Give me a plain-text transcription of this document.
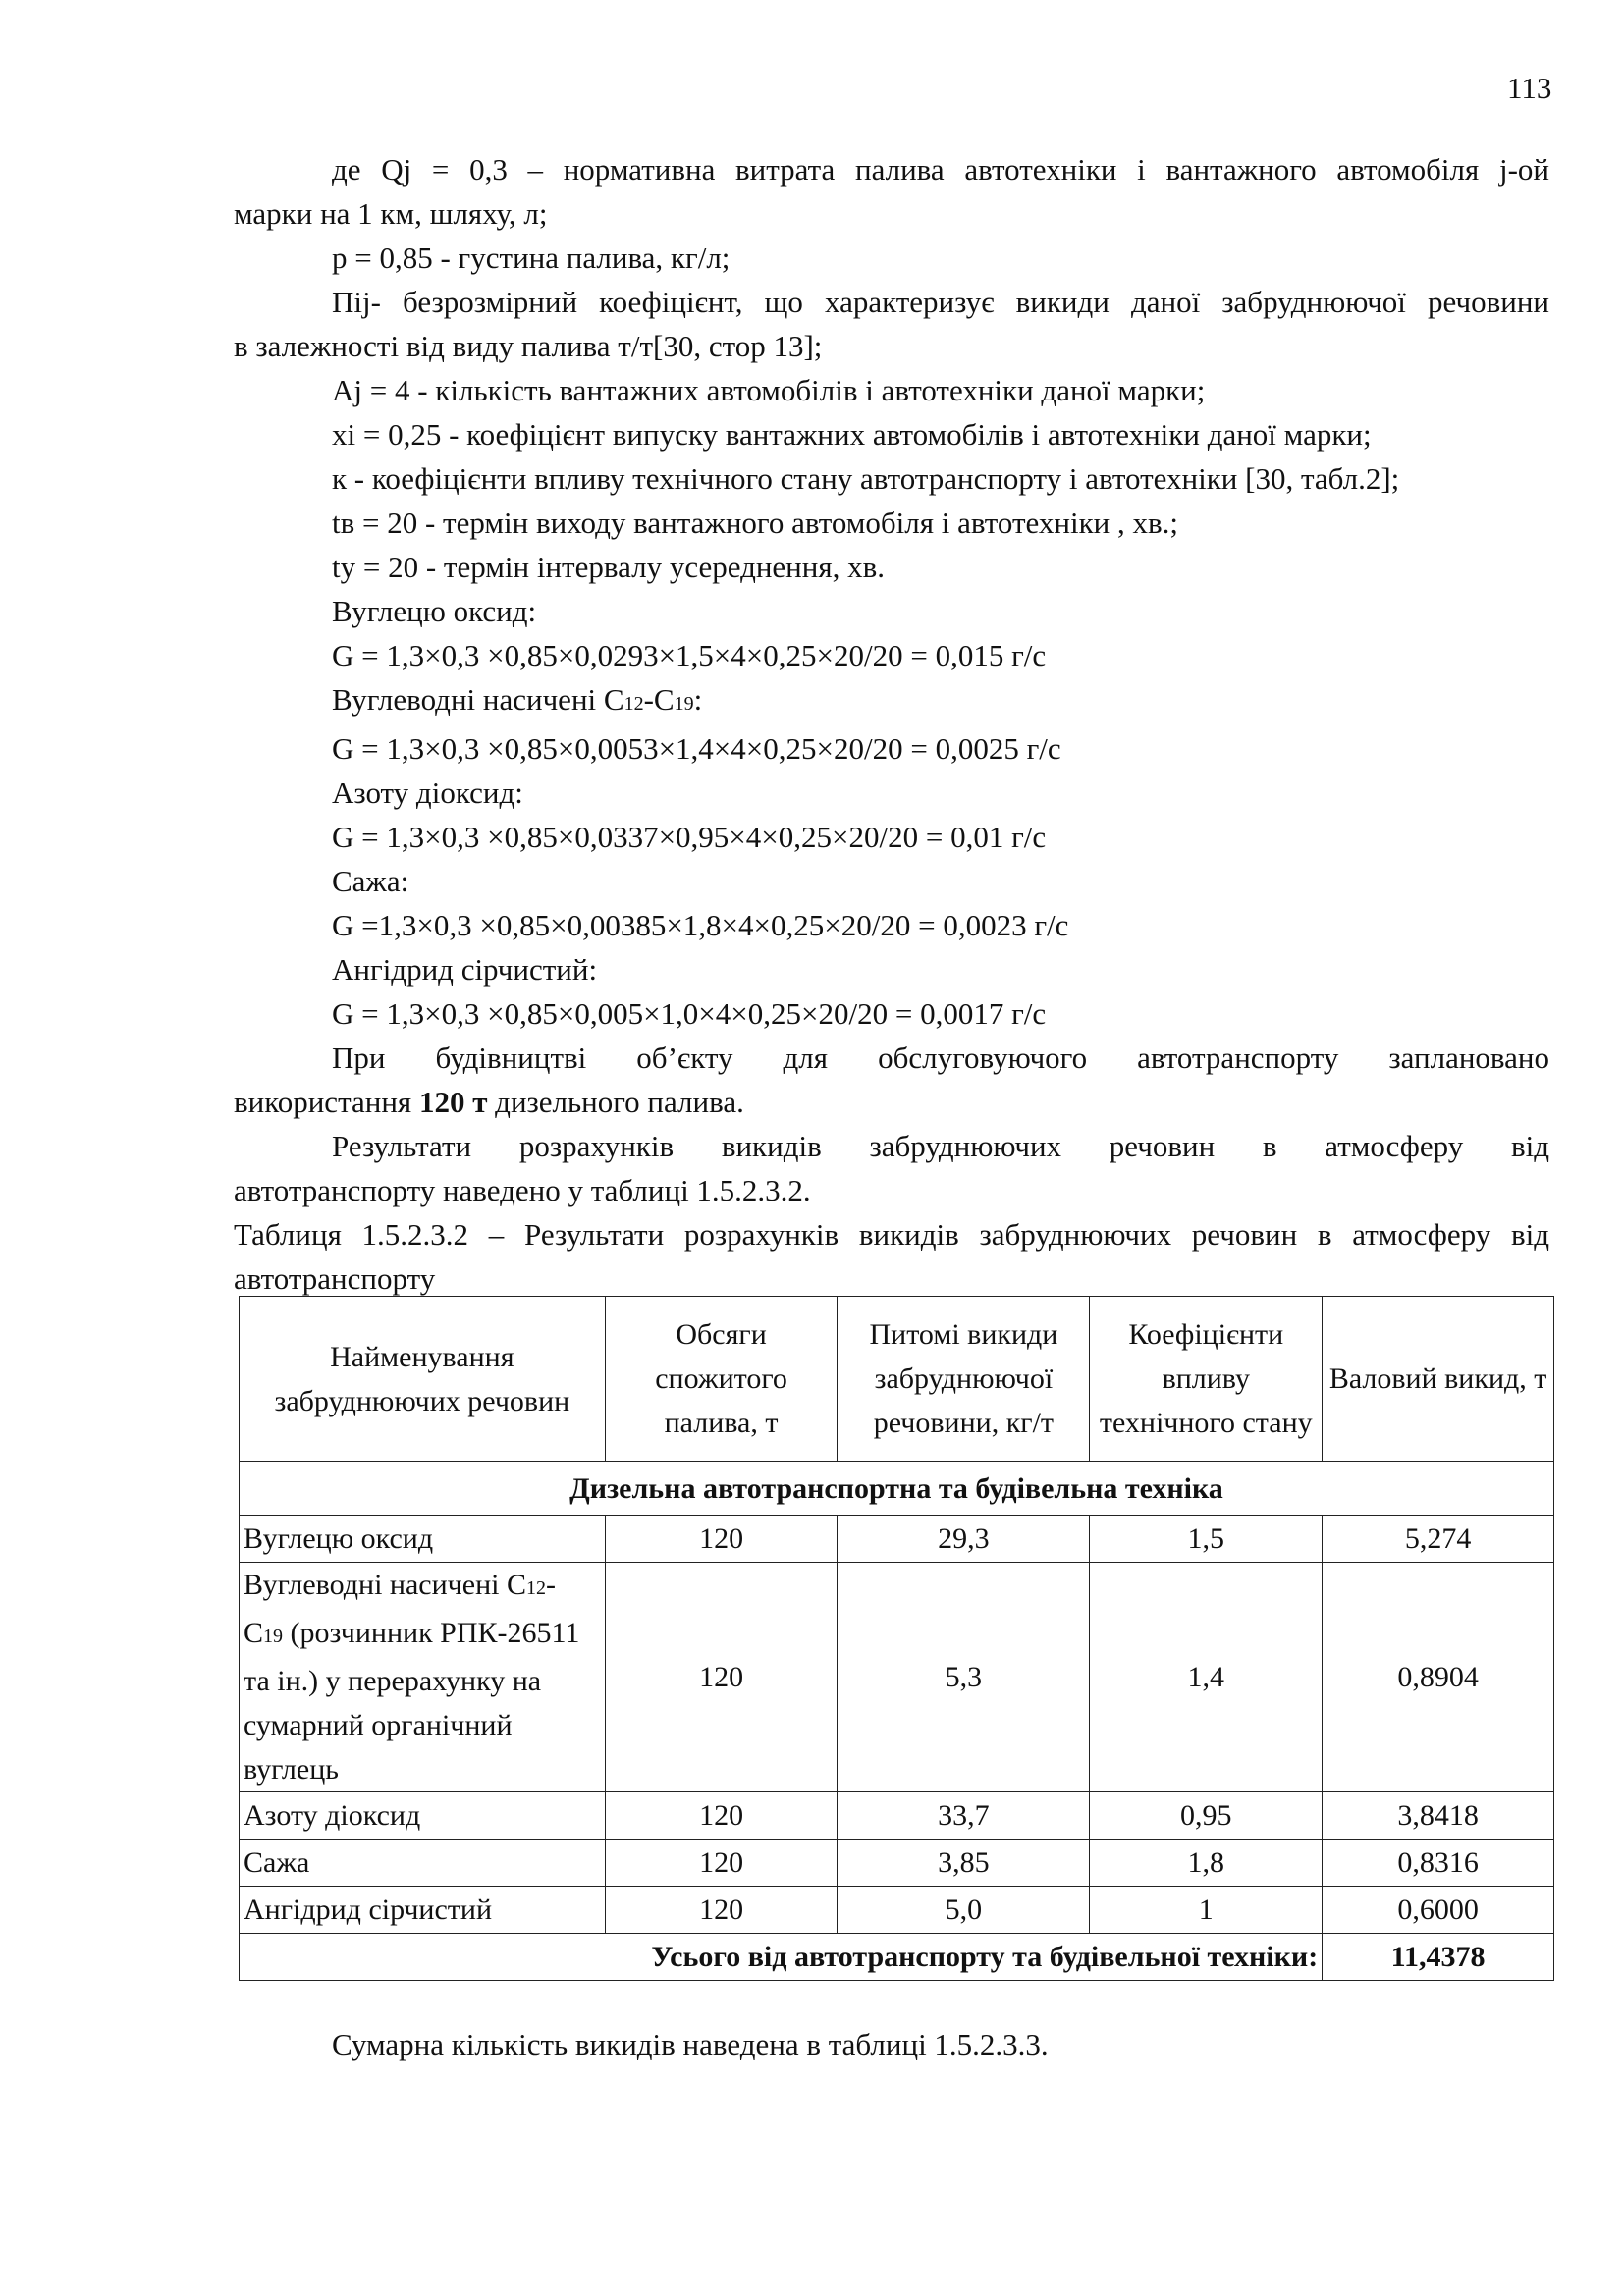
113
де Qj = 0,3 – нормативна витрата палива автотехніки і вантажного автомобіля j-ой
марки на 1 км, шляху, л;
р = 0,85 - густина палива, кг/л;
Пij- безрозмірний коефіцієнт, що характеризує викиди даної забруднюючої речовини
в залежності від виду палива т/т[30, стор 13];
Aj = 4 - кількість вантажних автомобілів і автотехніки даної марки;
хі = 0,25 - коефіцієнт випуску вантажних автомобілів і автотехніки даної марки;
к - коефіцієнти впливу технічного стану автотранспорту і автотехніки [30, табл.2];
tв = 20 - термін виходу вантажного автомобіля і автотехніки , хв.;
tу = 20 - термін інтервалу усереднення, хв.
Вуглецю оксид:
G = 1,3×0,3 ×0,85×0,0293×1,5×4×0,25×20/20 = 0,015 г/с
Вуглеводні насичені С12-С19:
G = 1,3×0,3 ×0,85×0,0053×1,4×4×0,25×20/20 = 0,0025 г/с
Азоту діоксид:
G = 1,3×0,3 ×0,85×0,0337×0,95×4×0,25×20/20 = 0,01 г/с
Сажа:
G =1,3×0,3 ×0,85×0,00385×1,8×4×0,25×20/20 = 0,0023 г/с
Ангідрид сірчистий:
G = 1,3×0,3 ×0,85×0,005×1,0×4×0,25×20/20 = 0,0017 г/с
При будівництві об’єкту для обслуговуючого автотранспорту заплановано
використання 120 т дизельного палива.
Результати розрахунків викидів забруднюючих речовин в атмосферу від
автотранспорту наведено у таблиці 1.5.2.3.2.
Таблиця 1.5.2.3.2 – Результати розрахунків викидів забруднюючих речовин в атмосферу від
автотранспорту
Найменування забруднюючих речовин	Обсяги спожитого палива, т	Питомі викиди забруднюючої речовини, кг/т	Коефіцієнти впливу технічного стану	Валовий викид, т
Дизельна автотранспортна та будівельна техніка				
Вуглецю оксид	120	29,3	1,5	5,274
Вуглеводні насичені С12-
С19 (розчинник РПК-26511 та ін.) у перерахунку на сумарний органічний вуглець	120	5,3	1,4	0,8904
Азоту діоксид	120	33,7	0,95	3,8418
Сажа	120	3,85	1,8	0,8316
Ангідрид сірчистий	120	5,0	1	0,6000
Усього від автотранспорту та будівельної техніки:				11,4378
Сумарна кількість викидів наведена в таблиці 1.5.2.3.3.
